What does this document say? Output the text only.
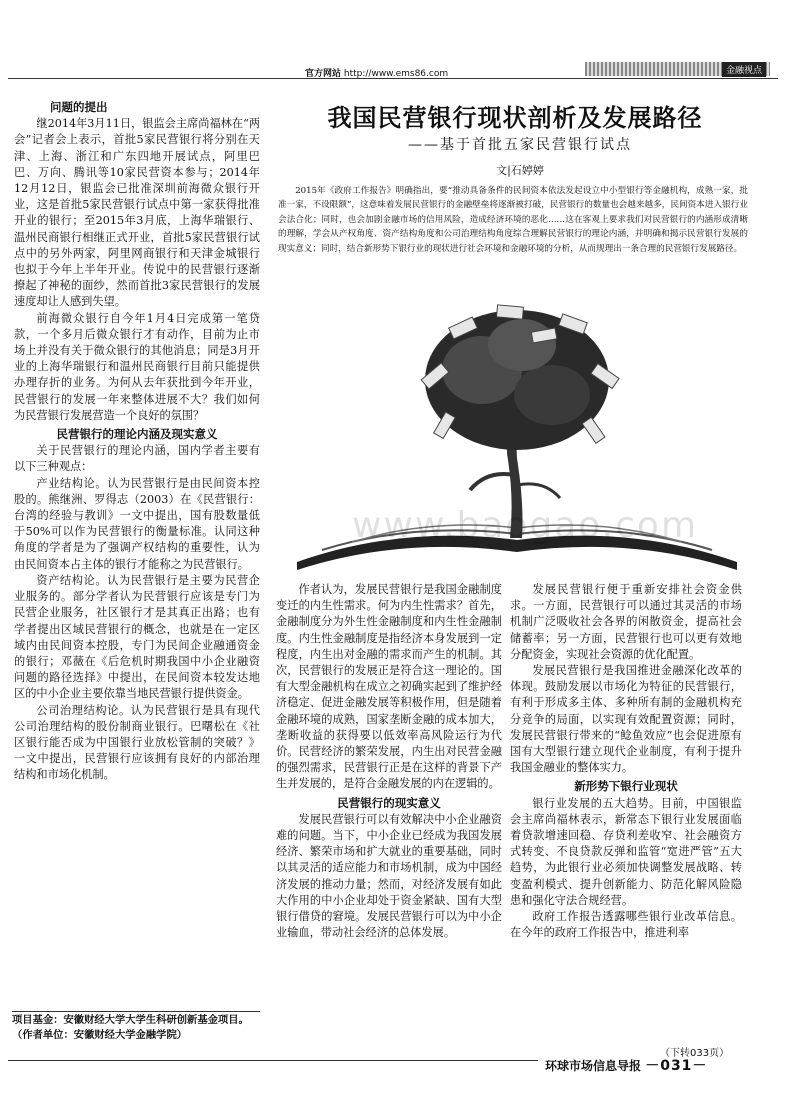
官方网站 http://www.ems86.com	金融视点
我国民营银行现状剖析及发展路径
——基于首批五家民营银行试点
文|石婷婷
2015年《政府工作报告》明确指出，要“推动具备条件的民间资本依法发起设立中小型银行等金融机构，成熟一家，批准一家，不设限额”，这意味着发展民营银行的金融壁垒将逐渐被打破，民营银行的数量也会越来越多，民间资本进入银行业会法合化；同时，也会加剧金融市场的信用风险，造成经济环境的恶化……这在客观上要求我们对民营银行的内涵形成清晰的理解，学会从产权角度、资产结构角度和公司治理结构角度综合理解民营银行的理论内涵，并明确和揭示民营银行发展的现实意义；同时，结合新形势下银行业的现状进行社会环境和金融环境的分析，从而规理出一条合理的民营银行发展路径。
www.baogao.com
问题的提出

继2014年3月11日，银监会主席尚福林在“两会”记者会上表示，首批5家民营银行将分别在天津、上海、浙江和广东四地开展试点，阿里巴巴、万向、腾讯等10家民营资本参与；2014年12月12日，银监会已批准深圳前海微众银行开业，这是首批5家民营银行试点中第一家获得批准开业的银行；至2015年3月底，上海华瑞银行、温州民商银行相继正式开业，首批5家民营银行试点中的另外两家，阿里网商银行和天津金城银行也拟于今年上半年开业。传说中的民营银行逐渐撩起了神秘的面纱，然而首批3家民营银行的发展速度却让人感到失望。

前海微众银行自今年1月4日完成第一笔贷款，一个多月后微众银行才有动作，目前为止市场上并没有关于微众银行的其他消息；同是3月开业的上海华瑞银行和温州民商银行目前只能提供办理存折的业务。为何从去年获批到今年开业，民营银行的发展一年来整体进展不大？我们如何为民营银行发展营造一个良好的氛围？

民营银行的理论内涵及现实意义

关于民营银行的理论内涵，国内学者主要有以下三种观点：

产业结构论。认为民营银行是由民间资本控股的。熊继洲、罗得志（2003）在《民营银行：台湾的经验与教训》一文中提出，国有股数量低于50%可以作为民营银行的衡量标准。认同这种角度的学者是为了强调产权结构的重要性，认为由民间资本占主体的银行才能称之为民营银行。

资产结构论。认为民营银行是主要为民营企业服务的。部分学者认为民营银行应该是专门为民营企业服务，社区银行才是其真正出路；也有学者提出区域民营银行的概念，也就是在一定区域内由民间资本控股，专门为民间企业融通资金的银行；邓薇在《后危机时期我国中小企业融资问题的路径选择》中提出，在民间资本较发达地区的中小企业主要依靠当地民营银行提供资金。

公司治理结构论。认为民营银行是具有现代公司治理结构的股份制商业银行。巴曙松在《社区银行能否成为中国银行业放松管制的突破？》一文中提出，民营银行应该拥有良好的内部治理结构和市场化机制。

项目基金：安徽财经大学大学生科研创新基金项目。
（作者单位：安徽财经大学金融学院）

作者认为，发展民营银行是我国金融制度变迁的内生性需求。何为内生性需求？首先，金融制度分为外生性金融制度和内生性金融制度。内生性金融制度是指经济本身发展到一定程度，内生出对金融的需求而产生的机制。其次，民营银行的发展正是符合这一理论的。国有大型金融机构在成立之初确实起到了维护经济稳定、促进金融发展等积极作用，但是随着金融环境的成熟，国家垄断金融的成本加大，垄断收益的获得要以低效率高风险运行为代价。民营经济的繁荣发展，内生出对民营金融的强烈需求，民营银行正是在这样的背景下产生并发展的，是符合金融发展的内在逻辑的。

民营银行的现实意义

发展民营银行可以有效解决中小企业融资难的问题。当下，中小企业已经成为我国发展经济、繁荣市场和扩大就业的重要基础，同时以其灵活的适应能力和市场机制，成为中国经济发展的推动力量；然而，对经济发展有如此大作用的中小企业却处于资金紧缺、国有大型银行借贷的窘境。发展民营银行可以为中小企业输血，带动社会经济的总体发展。

发展民营银行便于重新安排社会资金供求。一方面，民营银行可以通过其灵活的市场机制广泛吸收社会各界的闲散资金，提高社会储蓄率；另一方面，民营银行也可以更有效地分配资金，实现社会资源的优化配置。

发展民营银行是我国推进金融深化改革的体现。鼓励发展以市场化为特征的民营银行，有利于形成多主体、多种所有制的金融机构充分竞争的局面，以实现有效配置资源；同时，发展民营银行带来的“鲶鱼效应”也会促进原有国有大型银行建立现代企业制度，有利于提升我国金融业的整体实力。

新形势下银行业现状

银行业发展的五大趋势。目前，中国银监会主席尚福林表示，新常态下银行业发展面临着贷款增速回稳、存贷利差收窄、社会融资方式转变、不良贷款反弹和监管“宽进严管”五大趋势，为此银行业必须加快调整发展战略、转变盈利模式、提升创新能力、防范化解风险隐患和强化守法合规经营。

政府工作报告透露哪些银行业改革信息。在今年的政府工作报告中，推进利率

（下转033页）
环球市场信息导报 －031－
